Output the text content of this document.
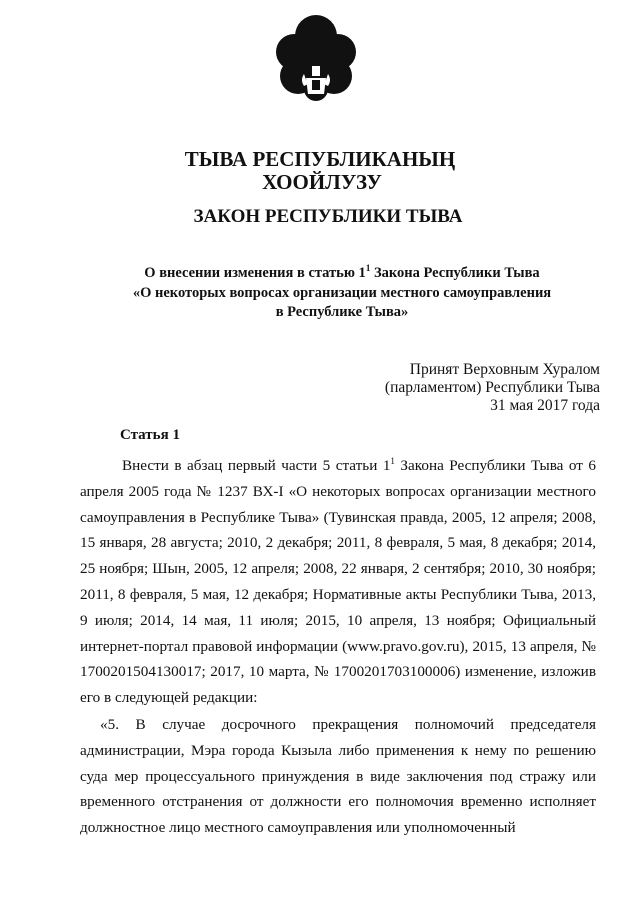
ТЫВА РЕСПУБЛИКАНЫҢ
ХООЙЛУЗУ
ЗАКОН РЕСПУБЛИКИ ТЫВА
О внесении изменения в статью $1^1$ Закона Республики Тыва
«О некоторых вопросах организации местного самоуправления
в Республике Тыва»
Принят Верховным Хуралом
(парламентом) Республики Тыва
31 мая 2017 года
Статья 1
Внести в абзац первый части 5 статьи $1^1$ Закона Республики Тыва от 6 апреля 2005 года № 1237 ВХ-I «О некоторых вопросах организации местного самоуправления в Республике Тыва» (Тувинская правда, 2005, 12 апреля; 2008, 15 января, 28 августа; 2010, 2 декабря; 2011, 8 февраля, 5 мая, 8 декабря; 2014, 25 ноября; Шын, 2005, 12 апреля; 2008, 22 января, 2 сентября; 2010, 30 ноября; 2011, 8 февраля, 5 мая, 12 декабря; Нормативные акты Республики Тыва, 2013, 9 июля; 2014, 14 мая, 11 июля; 2015, 10 апреля, 13 ноября; Официальный интернет-портал правовой информации (www.pravo.gov.ru), 2015, 13 апреля, № 1700201504130017; 2017, 10 марта, № 1700201703100006) изменение, изложив его в следующей редакции:
«5. В случае досрочного прекращения полномочий председателя администрации, Мэра города Кызыла либо применения к нему по решению суда мер процессуального принуждения в виде заключения под стражу или временного отстранения от должности его полномочия временно исполняет должностное лицо местного самоуправления или уполномоченный
